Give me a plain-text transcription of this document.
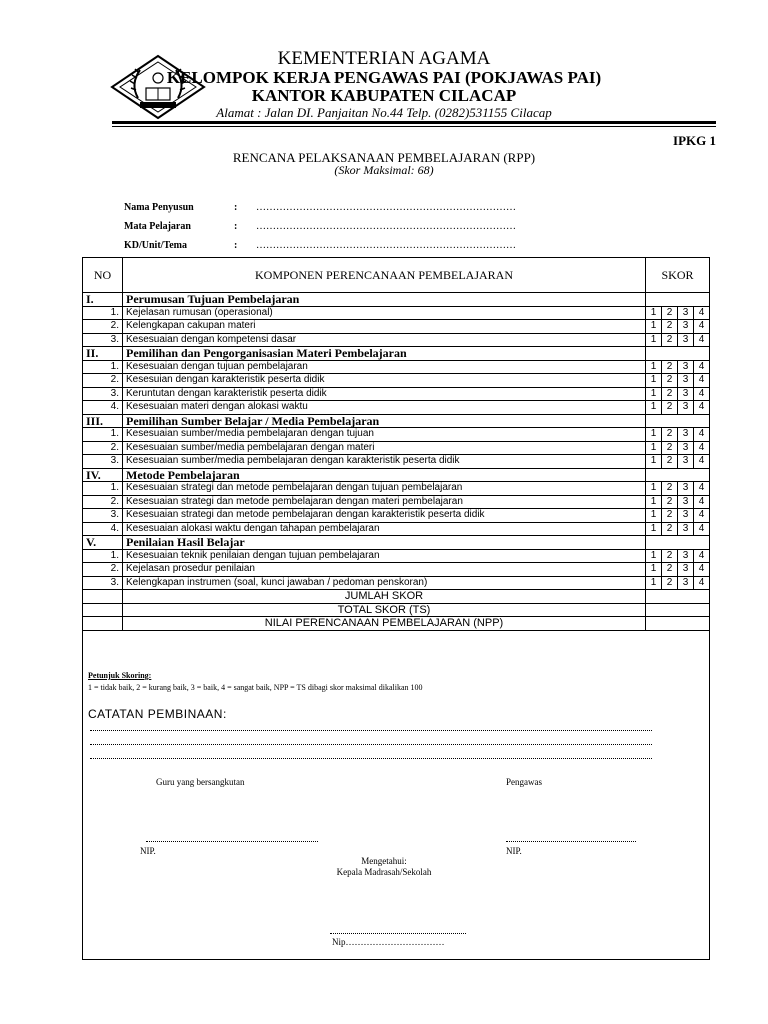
KEMENTERIAN AGAMA
KELOMPOK KERJA PENGAWAS PAI (POKJAWAS PAI)
KANTOR KABUPATEN CILACAP
Alamat : Jalan DI. Panjaitan No.44 Telp. (0282)531155 Cilacap
IPKG 1
RENCANA PELAKSANAAN PEMBELAJARAN (RPP)
(Skor Maksimal: 68)
Nama Penyusun	: ……………………………………………………………………
Mata Pelajaran	: ……………………………………………………………………
KD/Unit/Tema	: ……………………………………………………………………
NO	KOMPONEN PERENCANAAN PEMBELAJARAN	SKOR			
I.	Perumusan Tujuan Pembelajaran				
1.	Kejelasan rumusan (operasional)	1	2	3	4
2.	Kelengkapan cakupan materi	1	2	3	4
3.	Kesesuaian dengan kompetensi dasar	1	2	3	4
II.	Pemilihan dan Pengorganisasian Materi Pembelajaran				
1.	Kesesuaian dengan tujuan pembelajaran	1	2	3	4
2.	Kesesuian dengan karakteristik peserta didik	1	2	3	4
3.	Keruntutan dengan karakteristik peserta didik	1	2	3	4
4.	Kesesuaian materi dengan alokasi waktu	1	2	3	4
III.	Pemilihan Sumber Belajar / Media Pembelajaran				
1.	Kesesuaian sumber/media pembelajaran dengan tujuan	1	2	3	4
2.	Kesesuaian sumber/media pembelajaran dengan materi	1	2	3	4
3.	Kesesuaian sumber/media pembelajaran dengan karakteristik peserta didik	1	2	3	4
IV.	Metode Pembelajaran				
1.	Kesesuaian strategi dan metode pembelajaran dengan tujuan pembelajaran	1	2	3	4
2.	Kesesuaian strategi dan metode pembelajaran dengan materi pembelajaran	1	2	3	4
3.	Kesesuaian strategi dan metode pembelajaran dengan karakteristik peserta didik	1	2	3	4
4.	Kesesuaian alokasi waktu dengan tahapan pembelajaran	1	2	3	4
V.	Penilaian Hasil Belajar				
1.	Kesesuaian teknik penilaian dengan tujuan pembelajaran	1	2	3	4
2.	Kejelasan prosedur penilaian	1	2	3	4
3.	Kelengkapan instrumen (soal, kunci jawaban / pedoman penskoran)	1	2	3	4
	JUMLAH SKOR				
	TOTAL SKOR (TS)				
	NILAI PERENCANAAN PEMBELAJARAN (NPP)				
Petunjuk Skoring:
1 = tidak baik, 2 = kurang baik, 3 = baik, 4 = sangat baik, NPP = TS dibagi skor maksimal dikalikan 100
CATATAN PEMBINAAN:
Guru yang bersangkutan	Pengawas
NIP.	NIP.
Mengetahui:
Kepala Madrasah/Sekolah
Nip……………………………
